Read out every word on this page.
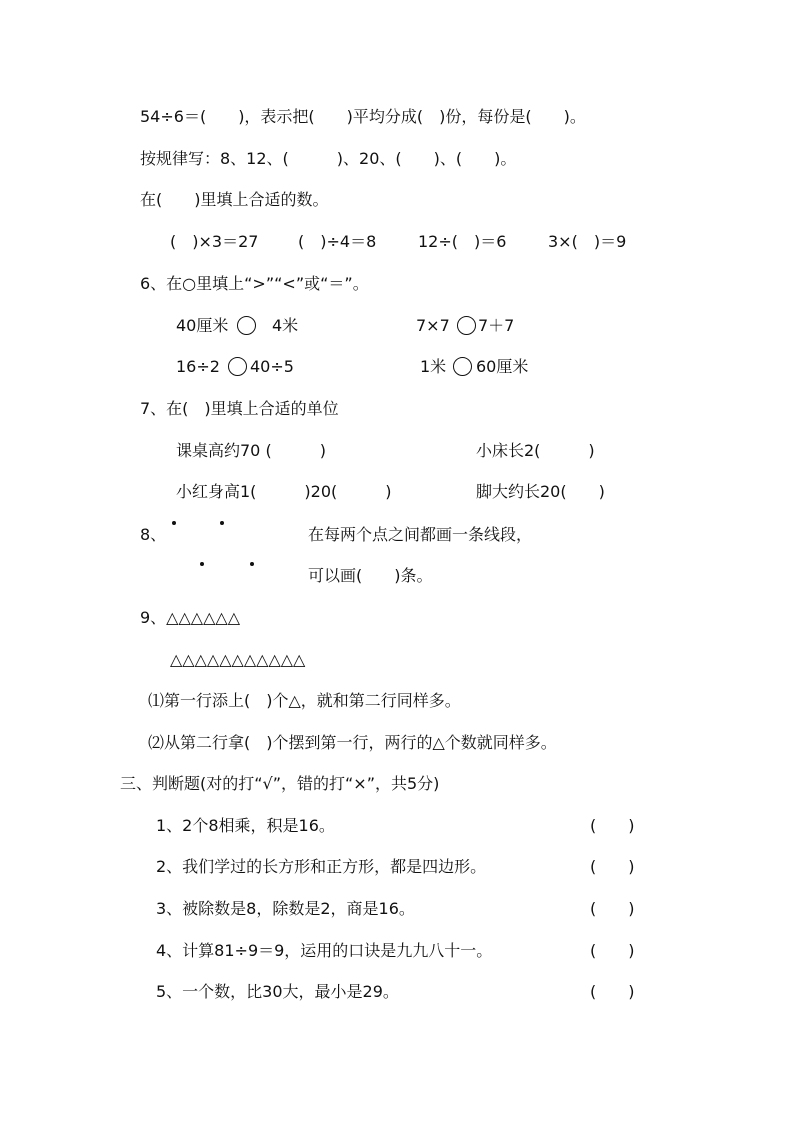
54÷6＝(　　)，表示把(　　)平均分成(　)份，每份是(　　)。
按规律写：8、12、(　　　)、20、(　　)、(　　)。
在(　　)里填上合适的数。
(　)×3＝27 (　)÷4＝8	12÷(　)＝6	3×(　)＝9
6、在○里填上“>”“<”或“＝”。
40厘米	4米	7×7 7＋7
16÷2 40÷5	1米 60厘米
7、在(　)里填上合适的单位
课桌高约70 (　　　)	小床长2(　　　)
小红身高1(　　　)20(　　　)	脚大约长20(　　)
8、	在每两个点之间都画一条线段，
可以画(　　)条。
9、△△△△△△
△△△△△△△△△△△
⑴第一行添上(　)个△，就和第二行同样多。
⑵从第二行拿(　)个摆到第一行，两行的△个数就同样多。
三、判断题(对的打“√”，错的打“×”，共5分)
1、2个8相乘，积是16。	(　　)
2、我们学过的长方形和正方形，都是四边形。	(　　)
3、被除数是8，除数是2，商是16。	(　　)
4、计算81÷9＝9，运用的口诀是九九八十一。	(　　)
5、一个数，比30大，最小是29。	(　　)
